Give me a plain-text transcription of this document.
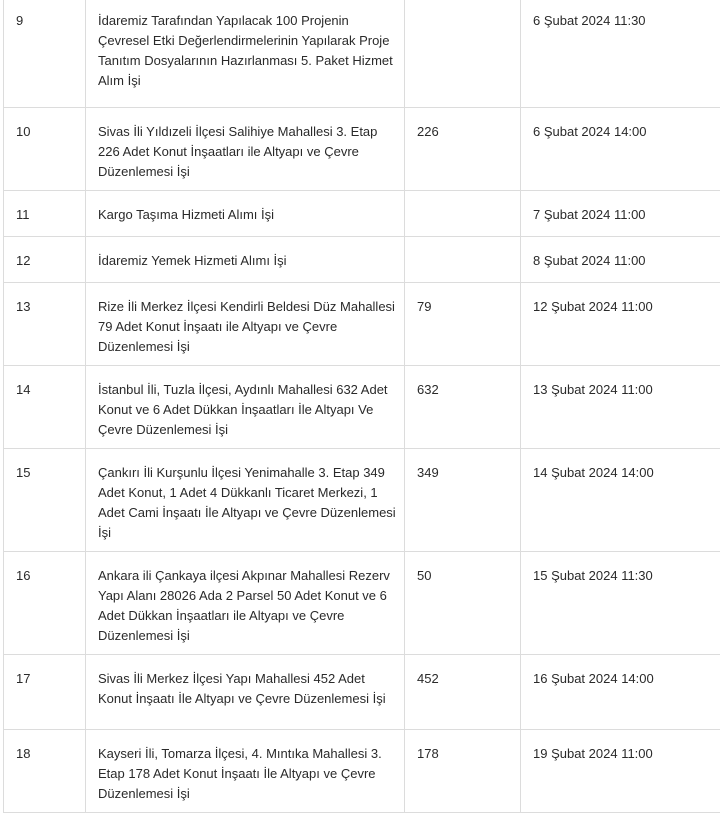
9	İdaremiz Tarafından Yapılacak 100 Projenin Çevresel Etki Değerlendirmelerinin Yapılarak Proje Tanıtım Dosyalarının Hazırlanması 5. Paket Hizmet Alım İşi		6 Şubat 2024 11:30
10	Sivas İli Yıldızeli İlçesi Salihiye Mahallesi 3. Etap 226 Adet Konut İnşaatları ile Altyapı ve Çevre Düzenlemesi İşi	226	6 Şubat 2024 14:00
11	Kargo Taşıma Hizmeti Alımı İşi		7 Şubat 2024 11:00
12	İdaremiz Yemek Hizmeti Alımı İşi		8 Şubat 2024 11:00
13	Rize İli Merkez İlçesi Kendirli Beldesi Düz Mahallesi 79 Adet Konut İnşaatı ile Altyapı ve Çevre Düzenlemesi İşi	79	12 Şubat 2024 11:00
14	İstanbul İli, Tuzla İlçesi, Aydınlı Mahallesi 632 Adet Konut ve 6 Adet Dükkan İnşaatları İle Altyapı Ve Çevre Düzenlemesi İşi	632	13 Şubat 2024 11:00
15	Çankırı İli Kurşunlu İlçesi Yenimahalle 3. Etap 349 Adet Konut, 1 Adet 4 Dükkanlı Ticaret Merkezi, 1 Adet Cami İnşaatı İle Altyapı ve Çevre Düzenlemesi İşi	349	14 Şubat 2024 14:00
16	Ankara ili Çankaya ilçesi Akpınar Mahallesi Rezerv Yapı Alanı 28026 Ada 2 Parsel 50 Adet Konut ve 6 Adet Dükkan İnşaatları ile Altyapı ve Çevre Düzenlemesi İşi	50	15 Şubat 2024 11:30
17	Sivas İli Merkez İlçesi Yapı Mahallesi 452 Adet Konut İnşaatı İle Altyapı ve Çevre Düzenlemesi İşi	452	16 Şubat 2024 14:00
18	Kayseri İli, Tomarza İlçesi, 4. Mıntıka Mahallesi 3. Etap 178 Adet Konut İnşaatı İle Altyapı ve Çevre Düzenlemesi İşi	178	19 Şubat 2024 11:00
